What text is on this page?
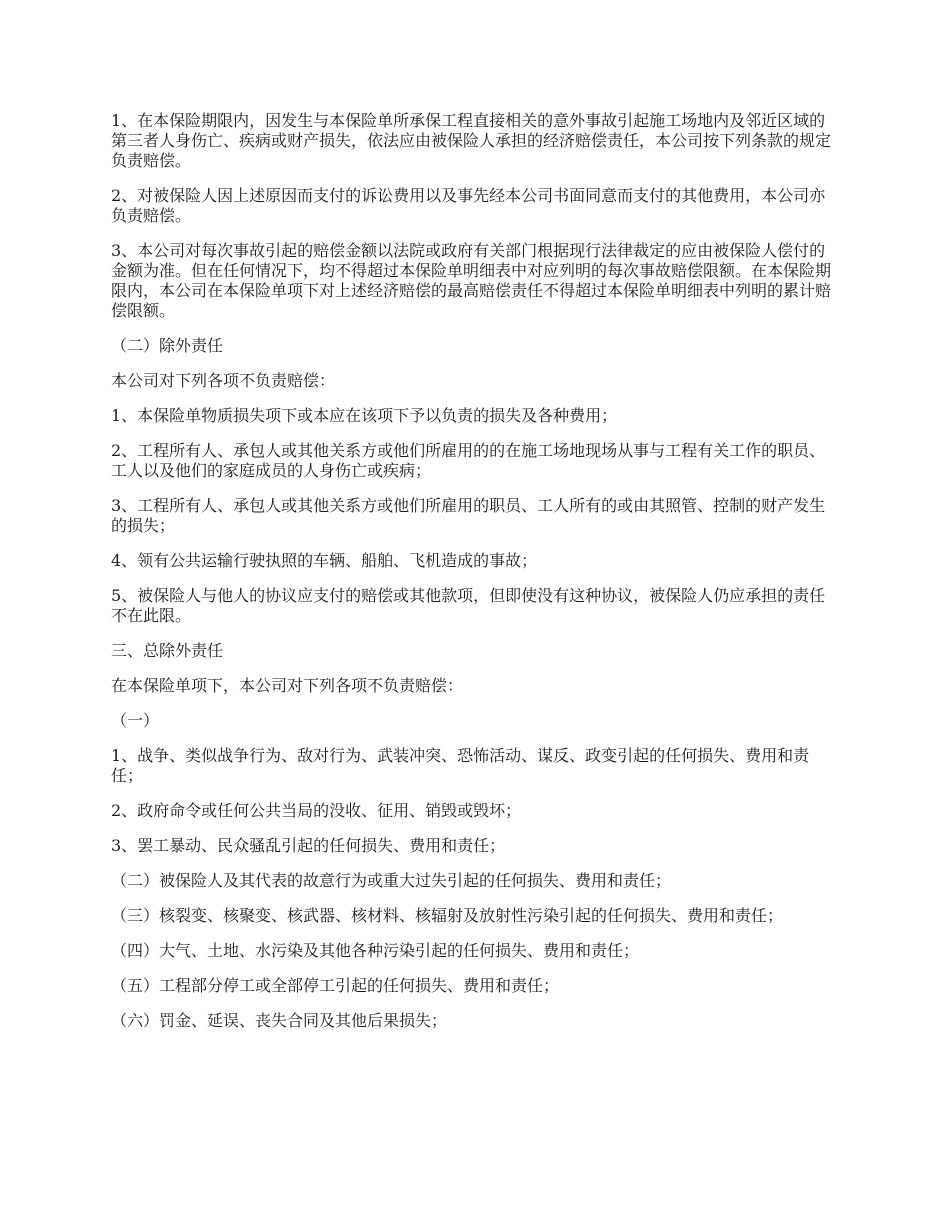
1、在本保险期限内，因发生与本保险单所承保工程直接相关的意外事故引起施工场地内及邻近区域的第三者人身伤亡、疾病或财产损失，依法应由被保险人承担的经济赔偿责任，本公司按下列条款的规定负责赔偿。

2、对被保险人因上述原因而支付的诉讼费用以及事先经本公司书面同意而支付的其他费用，本公司亦负责赔偿。

3、本公司对每次事故引起的赔偿金额以法院或政府有关部门根据现行法律裁定的应由被保险人偿付的金额为准。但在任何情况下，均不得超过本保险单明细表中对应列明的每次事故赔偿限额。在本保险期限内，本公司在本保险单项下对上述经济赔偿的最高赔偿责任不得超过本保险单明细表中列明的累计赔偿限额。

（二）除外责任

本公司对下列各项不负责赔偿：

1、本保险单物质损失项下或本应在该项下予以负责的损失及各种费用；

2、工程所有人、承包人或其他关系方或他们所雇用的的在施工场地现场从事与工程有关工作的职员、工人以及他们的家庭成员的人身伤亡或疾病；

3、工程所有人、承包人或其他关系方或他们所雇用的职员、工人所有的或由其照管、控制的财产发生的损失；

4、领有公共运输行驶执照的车辆、船舶、飞机造成的事故；

5、被保险人与他人的协议应支付的赔偿或其他款项，但即使没有这种协议，被保险人仍应承担的责任不在此限。

三、总除外责任

在本保险单项下，本公司对下列各项不负责赔偿：

（一）

1、战争、类似战争行为、敌对行为、武装冲突、恐怖活动、谋反、政变引起的任何损失、费用和责任；

2、政府命令或任何公共当局的没收、征用、销毁或毁坏；

3、罢工暴动、民众骚乱引起的任何损失、费用和责任；

（二）被保险人及其代表的故意行为或重大过失引起的任何损失、费用和责任；

（三）核裂变、核聚变、核武器、核材料、核辐射及放射性污染引起的任何损失、费用和责任；

（四）大气、土地、水污染及其他各种污染引起的任何损失、费用和责任；

（五）工程部分停工或全部停工引起的任何损失、费用和责任；

（六）罚金、延误、丧失合同及其他后果损失；
